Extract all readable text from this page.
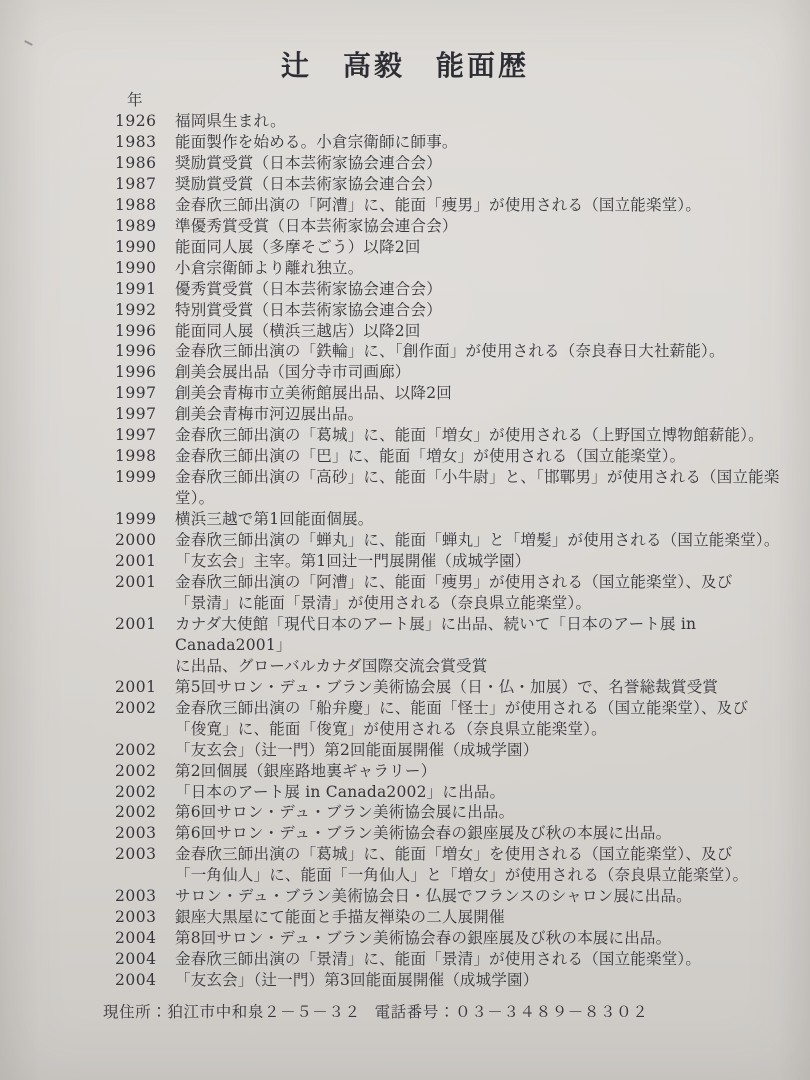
辻　高毅　能面歴
年
1926	福岡県生まれ。
1983	能面製作を始める。小倉宗衛師に師事。
1986	奨励賞受賞（日本芸術家協会連合会）
1987	奨励賞受賞（日本芸術家協会連合会）
1988	金春欣三師出演の「阿漕」に、能面「痩男」が使用される（国立能楽堂）。
1989	準優秀賞受賞（日本芸術家協会連合会）
1990	能面同人展（多摩そごう）以降2回
1990	小倉宗衛師より離れ独立。
1991	優秀賞受賞（日本芸術家協会連合会）
1992	特別賞受賞（日本芸術家協会連合会）
1996	能面同人展（横浜三越店）以降2回
1996	金春欣三師出演の「鉄輪」に、「創作面」が使用される（奈良春日大社薪能）。
1996	創美会展出品（国分寺市司画廊）
1997	創美会青梅市立美術館展出品、以降2回
1997	創美会青梅市河辺展出品。
1997	金春欣三師出演の「葛城」に、能面「増女」が使用される（上野国立博物館薪能）。
1998	金春欣三師出演の「巴」に、能面「増女」が使用される（国立能楽堂）。
1999	金春欣三師出演の「高砂」に、能面「小牛尉」と、「邯鄲男」が使用される（国立能楽堂）。
1999	横浜三越で第1回能面個展。
2000	金春欣三師出演の「蝉丸」に、能面「蝉丸」と「増髪」が使用される（国立能楽堂）。
2001	「友玄会」主宰。第1回辻一門展開催（成城学園）
2001	金春欣三師出演の「阿漕」に、能面「痩男」が使用される（国立能楽堂）、及び
「景清」に能面「景清」が使用される（奈良県立能楽堂）。
2001	カナダ大使館「現代日本のアート展」に出品、続いて「日本のアート展 in Canada2001」
に出品、グローバルカナダ国際交流会賞受賞
2001	第5回サロン・デュ・ブラン美術協会展（日・仏・加展）で、名誉総裁賞受賞
2002	金春欣三師出演の「船弁慶」に、能面「怪士」が使用される（国立能楽堂）、及び
「俊寛」に、能面「俊寛」が使用される（奈良県立能楽堂）。
2002	「友玄会」（辻一門）第2回能面展開催（成城学園）
2002	第2回個展（銀座路地裏ギャラリー）
2002	「日本のアート展 in Canada2002」に出品。
2002	第6回サロン・デュ・ブラン美術協会展に出品。
2003	第6回サロン・デュ・ブラン美術協会春の銀座展及び秋の本展に出品。
2003	金春欣三師出演の「葛城」に、能面「増女」を使用される（国立能楽堂）、及び
「一角仙人」に、能面「一角仙人」と「増女」が使用される（奈良県立能楽堂）。
2003	サロン・デュ・ブラン美術協会日・仏展でフランスのシャロン展に出品。
2003	銀座大黒屋にて能面と手描友禅染の二人展開催
2004	第8回サロン・デュ・ブラン美術協会春の銀座展及び秋の本展に出品。
2004	金春欣三師出演の「景清」に、能面「景清」が使用される（国立能楽堂）。
2004	「友玄会」（辻一門）第3回能面展開催（成城学園）
現住所：狛江市中和泉２－５－３２ 電話番号：０３－３４８９－８３０２
